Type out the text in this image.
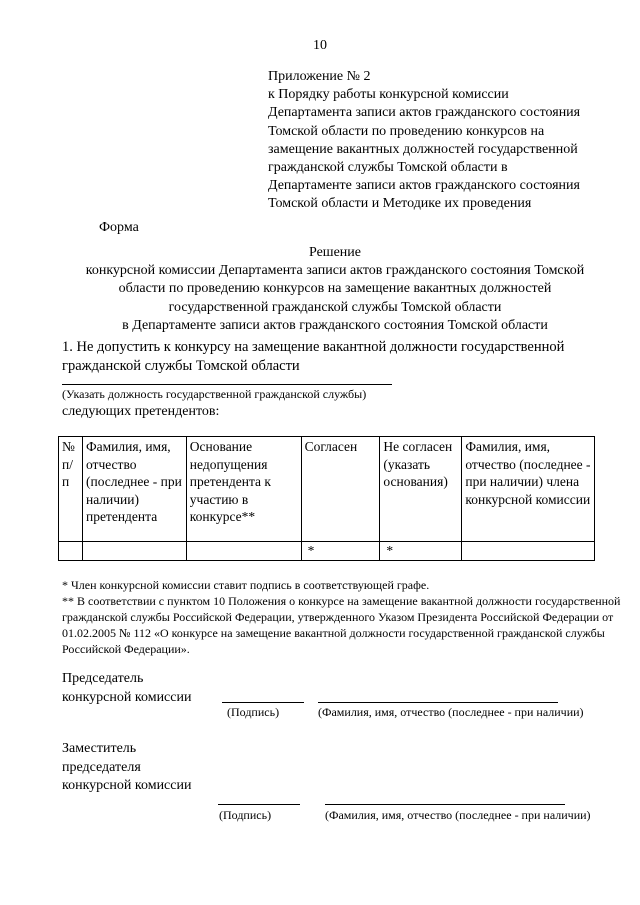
10
Приложение № 2
к Порядку работы конкурсной комиссии
Департамента записи актов гражданского состояния
Томской области по проведению конкурсов на
замещение вакантных должностей государственной
гражданской службы Томской области в
Департаменте записи актов гражданского состояния
Томской области и Методике их проведения
Форма
Решение
конкурсной комиссии Департамента записи актов гражданского состояния Томской
области по проведению конкурсов на замещение вакантных должностей
государственной гражданской службы Томской области
в Департаменте записи актов гражданского состояния Томской области
1. Не допустить к конкурсу на замещение вакантной должности государственной гражданской службы Томской области
(Указать должность государственной гражданской службы)
следующих претендентов:
№ п/п	Фамилия, имя, отчество (последнее - при наличии) претендента	Основание недопущения претендента к участию в конкурсе**	Согласен	Не согласен (указать основания)	Фамилия, имя, отчество (последнее - при наличии) члена конкурсной комиссии
			*	*	
* Член конкурсной комиссии ставит подпись в соответствующей графе.
** В соответствии с пунктом 10 Положения о конкурсе на замещение вакантной должности государственной гражданской службы Российской Федерации, утвержденного Указом Президента Российской Федерации от 01.02.2005 № 112 «О конкурсе на замещение вакантной должности государственной гражданской службы Российской Федерации».
Председатель
конкурсной комиссии
(Подпись)	(Фамилия, имя, отчество (последнее - при наличии)
Заместитель
председателя
конкурсной комиссии
(Подпись)	(Фамилия, имя, отчество (последнее - при наличии)
